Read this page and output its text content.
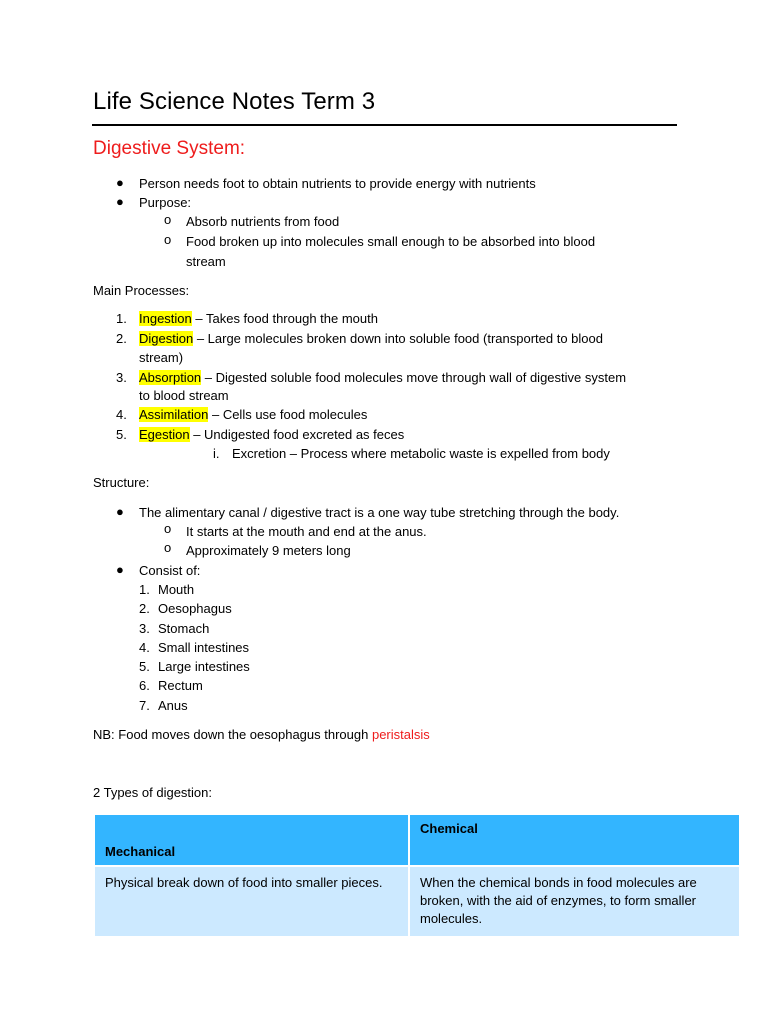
Life Science Notes Term 3
Digestive System:
● Person needs foot to obtain nutrients to provide energy with nutrients
● Purpose:
o Absorb nutrients from food
o Food broken up into molecules small enough to be absorbed into blood
stream
Main Processes:
1. Ingestion – Takes food through the mouth
2. Digestion – Large molecules broken down into soluble food (transported to blood
stream)
3. Absorption – Digested soluble food molecules move through wall of digestive system
to blood stream
4. Assimilation – Cells use food molecules
5. Egestion – Undigested food excreted as feces
i. Excretion – Process where metabolic waste is expelled from body
Structure:
● The alimentary canal / digestive tract is a one way tube stretching through the body.
o It starts at the mouth and end at the anus.
o Approximately 9 meters long
● Consist of:
1. Mouth
2. Oesophagus
3. Stomach
4. Small intestines
5. Large intestines
6. Rectum
7. Anus
NB: Food moves down the oesophagus through peristalsis
2 Types of digestion:
Mechanical	Chemical
Physical break down of food into smaller pieces.	When the chemical bonds in food molecules are broken, with the aid of enzymes, to form smaller molecules.
